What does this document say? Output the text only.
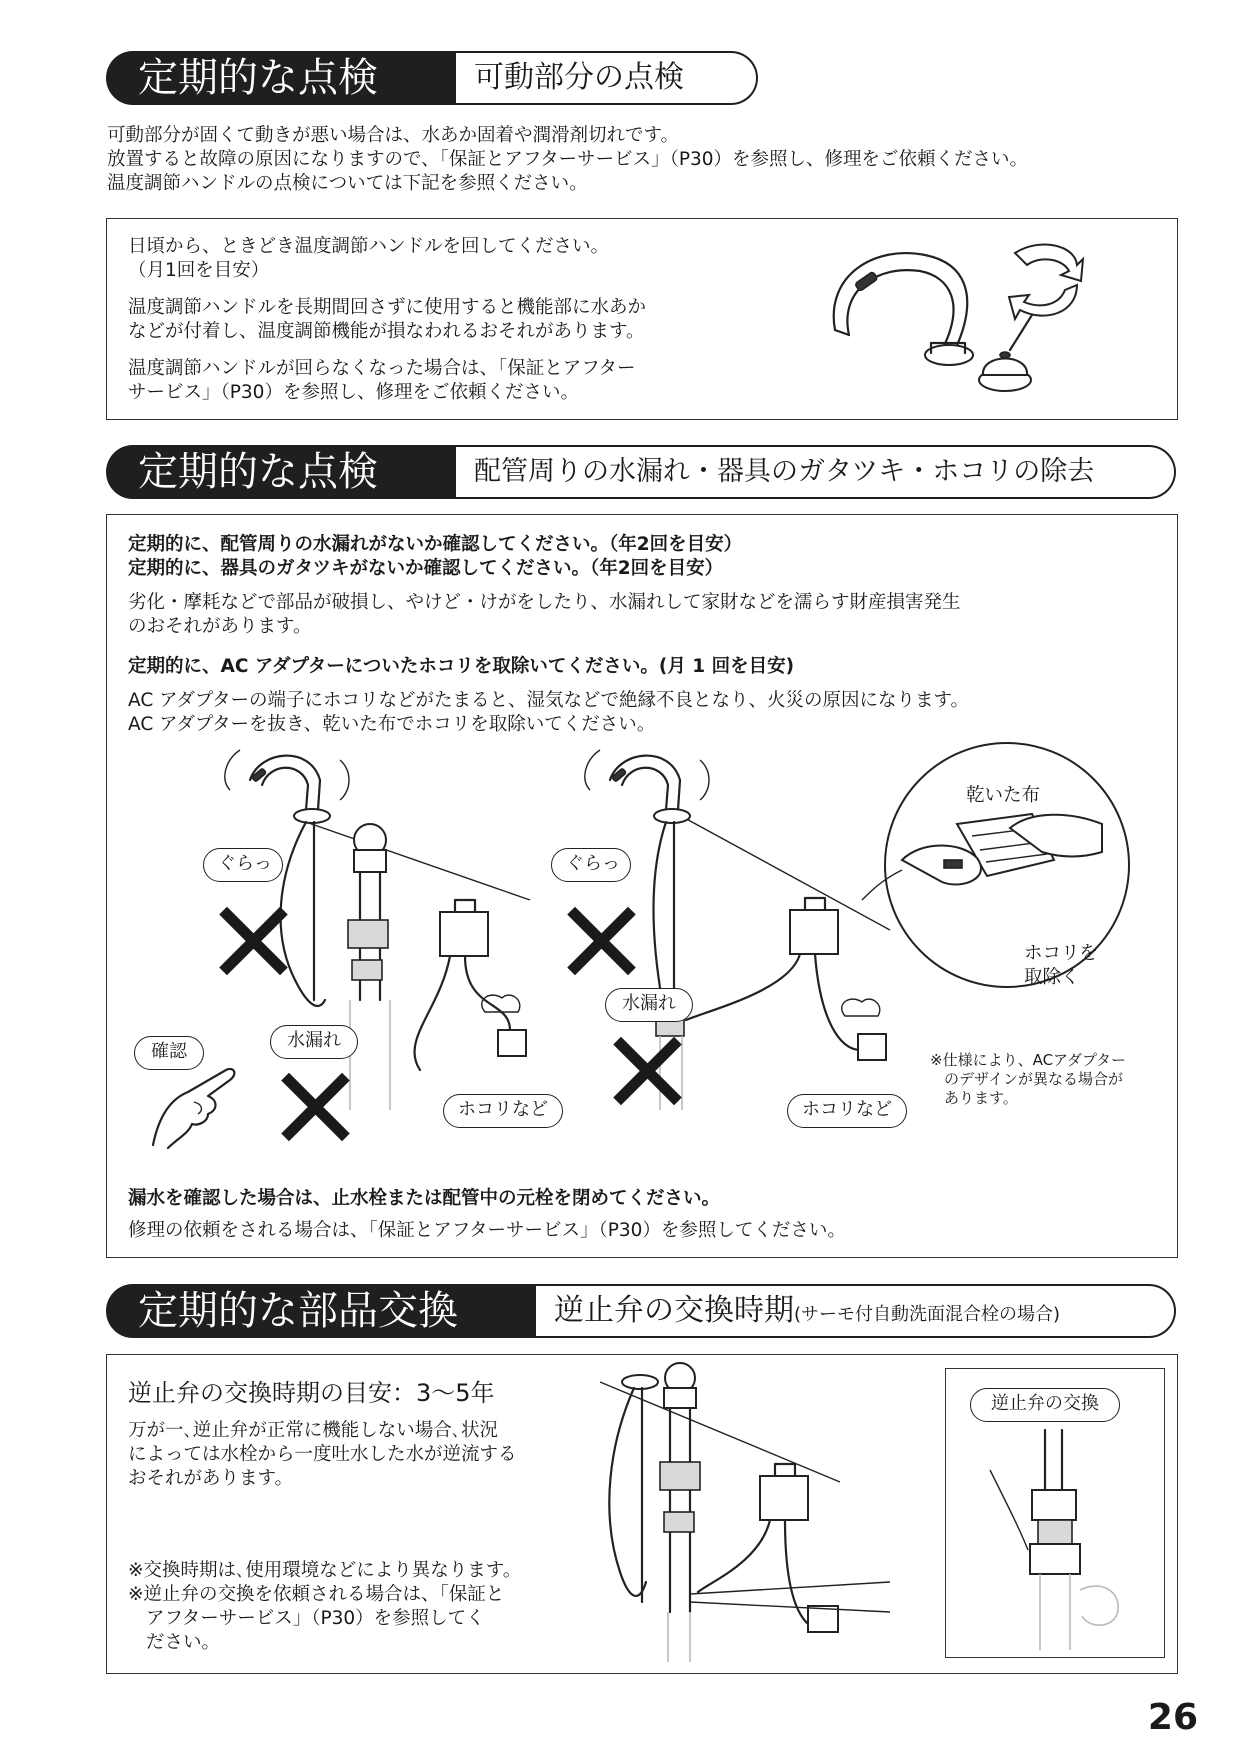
定期的な点検	可動部分の点検
可動部分が固くて動きが悪い場合は、水あか固着や潤滑剤切れです。
放置すると故障の原因になりますので、「保証とアフターサービス」（P30）を参照し、修理をご依頼ください。
温度調節ハンドルの点検については下記を参照ください。
日頃から、ときどき温度調節ハンドルを回してください。
（月1回を目安）
温度調節ハンドルを長期間回さずに使用すると機能部に水あか
などが付着し、温度調節機能が損なわれるおそれがあります。
温度調節ハンドルが回らなくなった場合は、「保証とアフター
サービス」（P30）を参照し、修理をご依頼ください。
定期的な点検	配管周りの水漏れ・器具のガタツキ・ホコリの除去
定期的に、配管周りの水漏れがないか確認してください。（年2回を目安）
定期的に、器具のガタツキがないか確認してください。（年2回を目安）
劣化・摩耗などで部品が破損し、やけど・けがをしたり、水漏れして家財などを濡らす財産損害発生
のおそれがあります。
定期的に、AC アダプターについたホコリを取除いてください。(月 1 回を目安)
AC アダプターの端子にホコリなどがたまると、湿気などで絶縁不良となり、火災の原因になります。
AC アダプターを抜き、乾いた布でホコリを取除いてください。
ぐらっ	ぐらっ
確認
水漏れ
水漏れ
ホコリなど	ホコリなど
乾いた布
ホコリを
取除く
※仕様により、ACアダプター
のデザインが異なる場合が
あります。
漏水を確認した場合は、止水栓または配管中の元栓を閉めてください。
修理の依頼をされる場合は、「保証とアフターサービス」（P30）を参照してください。
定期的な部品交換	逆止弁の交換時期(サーモ付自動洗面混合栓の場合)
逆止弁の交換時期の目安：3～5年
万が一､逆止弁が正常に機能しない場合､状況
によっては水栓から一度吐水した水が逆流する
おそれがあります。
※交換時期は､使用環境などにより異なります。
※逆止弁の交換を依頼される場合は、「保証と
アフターサービス」（P30）を参照してく
ださい。
逆止弁の交換
26
